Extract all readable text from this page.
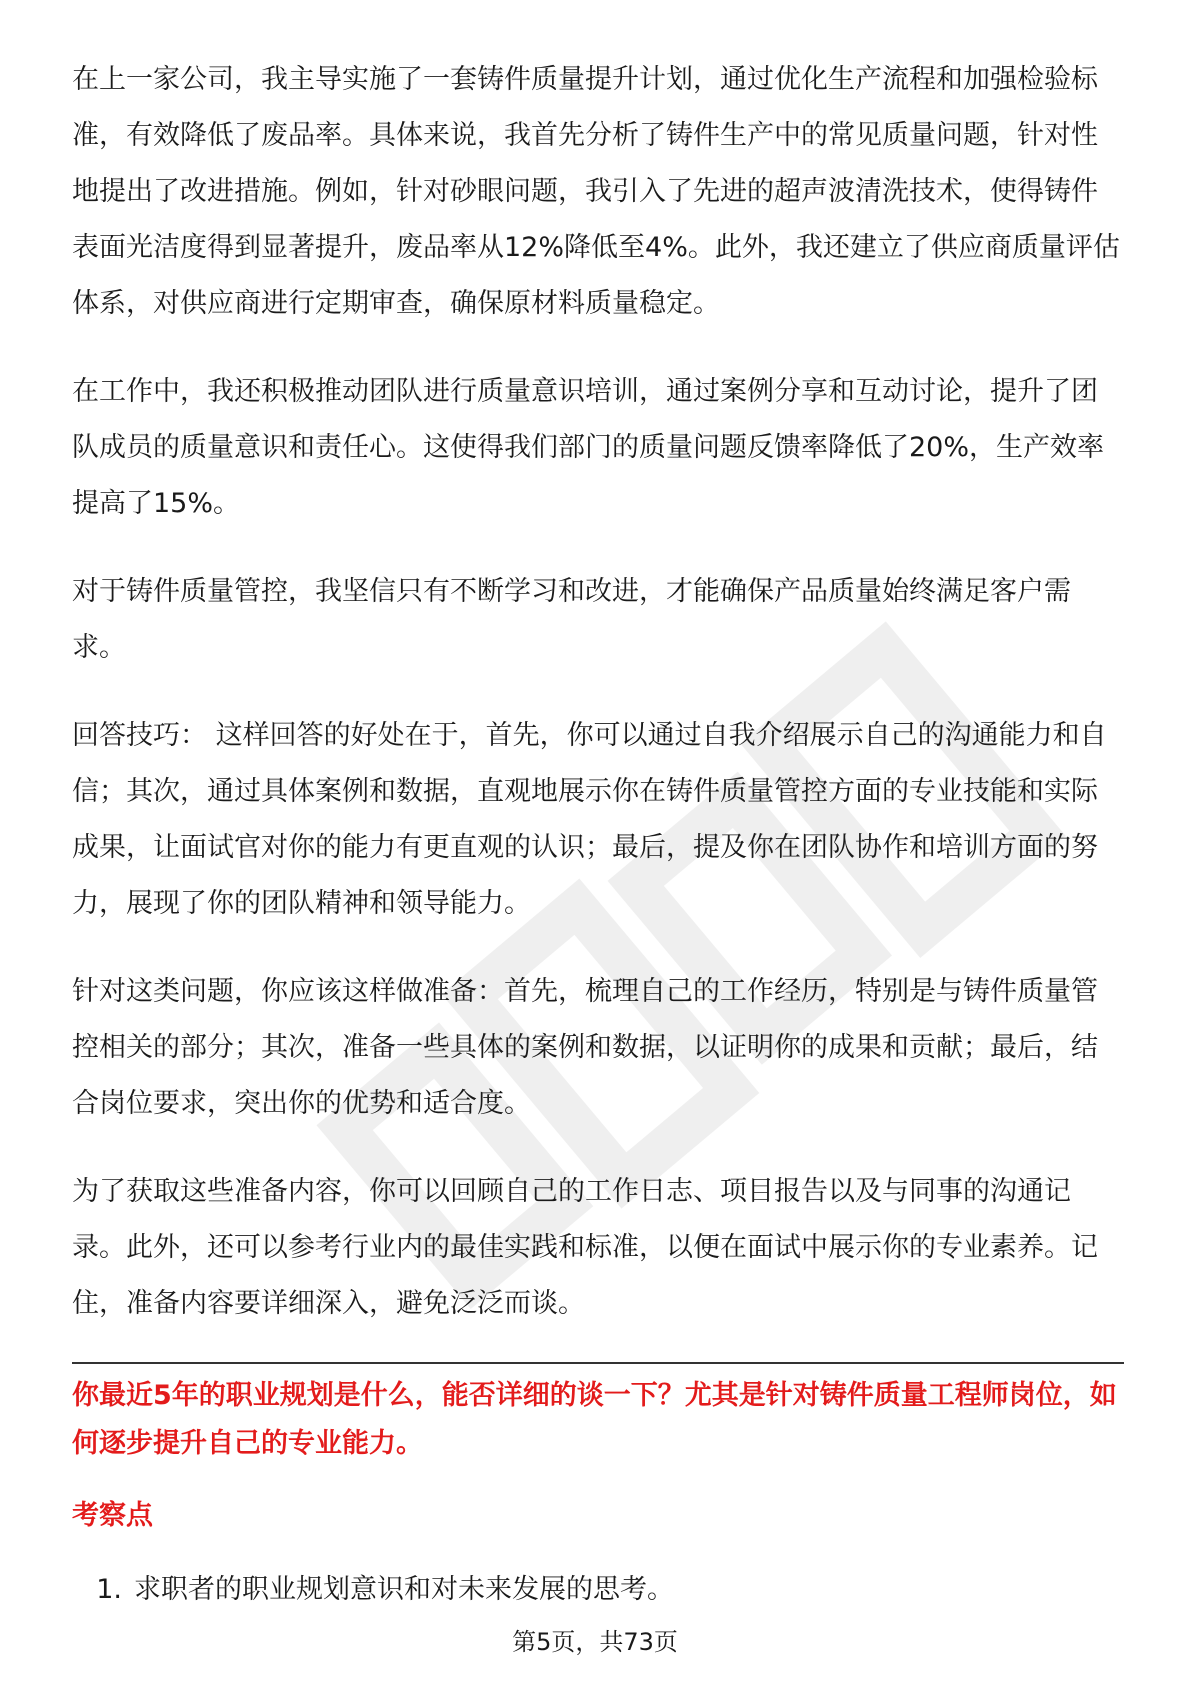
在上一家公司，我主导实施了一套铸件质量提升计划，通过优化生产流程和加强检验标准，有效降低了废品率。具体来说，我首先分析了铸件生产中的常见质量问题，针对性地提出了改进措施。例如，针对砂眼问题，我引入了先进的超声波清洗技术，使得铸件表面光洁度得到显著提升，废品率从12%降低至4%。此外，我还建立了供应商质量评估体系，对供应商进行定期审查，确保原材料质量稳定。

在工作中，我还积极推动团队进行质量意识培训，通过案例分享和互动讨论，提升了团队成员的质量意识和责任心。这使得我们部门的质量问题反馈率降低了20%，生产效率提高了15%。

对于铸件质量管控，我坚信只有不断学习和改进，才能确保产品质量始终满足客户需求。

回答技巧： 这样回答的好处在于，首先，你可以通过自我介绍展示自己的沟通能力和自信；其次，通过具体案例和数据，直观地展示你在铸件质量管控方面的专业技能和实际成果，让面试官对你的能力有更直观的认识；最后，提及你在团队协作和培训方面的努力，展现了你的团队精神和领导能力。

针对这类问题，你应该这样做准备：首先，梳理自己的工作经历，特别是与铸件质量管控相关的部分；其次，准备一些具体的案例和数据，以证明你的成果和贡献；最后，结合岗位要求，突出你的优势和适合度。

为了获取这些准备内容，你可以回顾自己的工作日志、项目报告以及与同事的沟通记录。此外，还可以参考行业内的最佳实践和标准，以便在面试中展示你的专业素养。记住，准备内容要详细深入，避免泛泛而谈。

你最近5年的职业规划是什么，能否详细的谈一下？尤其是针对铸件质量工程师岗位，如何逐步提升自己的专业能力。

考察点

1. 求职者的职业规划意识和对未来发展的思考。
第5页，共73页
